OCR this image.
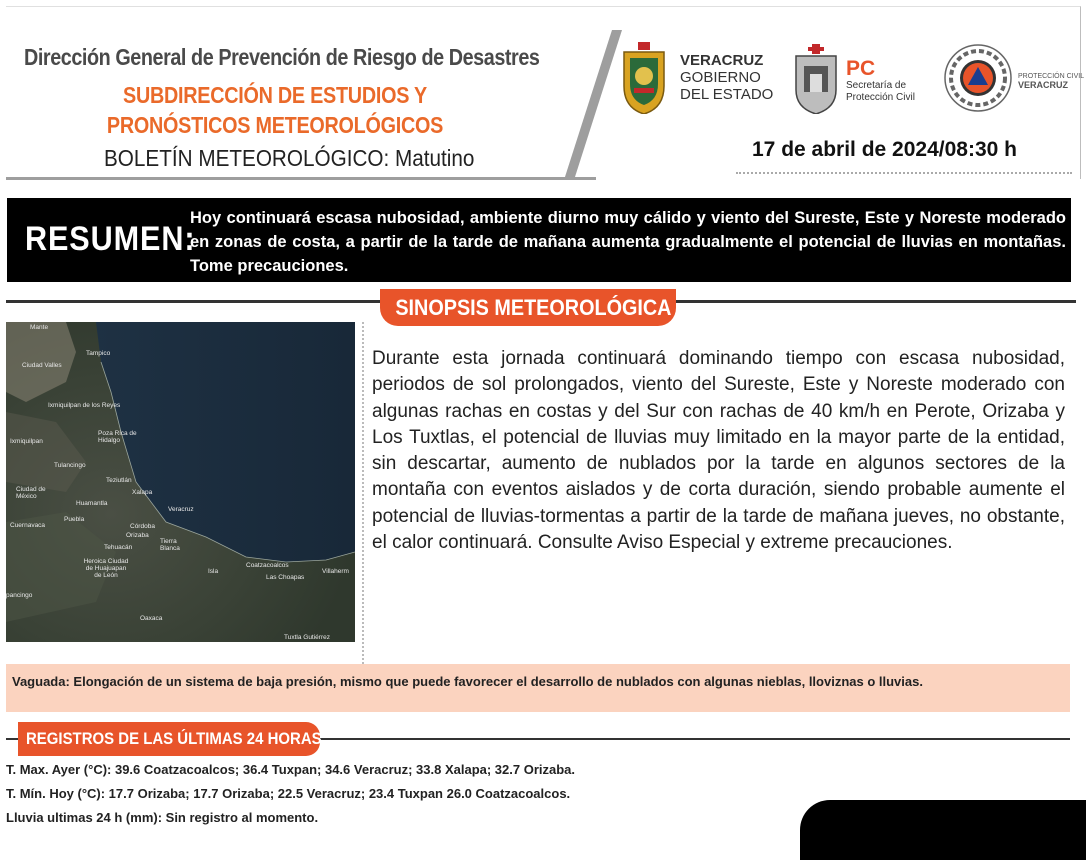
Dirección General de Prevención de Riesgo de Desastres
SUBDIRECCIÓN DE ESTUDIOS Y PRONÓSTICOS METEOROLÓGICOS
BOLETÍN METEOROLÓGICO: Matutino
VERACRUZ
GOBIERNO
DEL ESTADO
PC
Secretaría de
Protección Civil
PROTECCIÓN CIVIL
VERACRUZ
17 de abril de 2024/08:30 h
RESUMEN:
Hoy continuará escasa nubosidad, ambiente diurno muy cálido y viento del Sureste, Este y Noreste moderado en zonas de costa, a partir de la tarde de mañana aumenta gradualmente el potencial de lluvias en montañas. Tome precauciones.
SINOPSIS METEOROLÓGICA
Mante
Tampico
Ciudad Valles
Ixmiquilpan de los Reyes
Poza Rica de Hidalgo
Ixmiquilpan
Tulancingo
Teziutlán
Xalapa
Ciudad de México
Huamantla
Veracruz
Puebla
Cuernavaca	Córdoba
Orizaba
Tierra Blanca
Tehuacán
Heroica Ciudad de Huajuapan de León
Coatzacoalcos
Isla
Las Choapas
Villaherm
pancingo
Oaxaca
Tuxtla Gutiérrez
Durante esta jornada continuará dominando tiempo con escasa nubosidad, periodos de sol prolongados, viento del Sureste, Este y Noreste moderado con algunas rachas en costas y del Sur con rachas de 40 km/h en Perote, Orizaba y Los Tuxtlas, el potencial de lluvias muy limitado en la mayor parte de la entidad, sin descartar, aumento de nublados por la tarde en algunos sectores de la montaña con eventos aislados y de corta duración, siendo probable aumente el potencial de lluvias-tormentas a partir de la tarde de mañana jueves, no obstante, el calor continuará. Consulte Aviso Especial y extreme precauciones.
Vaguada: Elongación de un sistema de baja presión, mismo que puede favorecer el desarrollo de nublados con algunas nieblas, lloviznas o lluvias.
REGISTROS DE LAS ÚLTIMAS 24 HORAS
T. Max. Ayer (°C): 39.6 Coatzacoalcos; 36.4 Tuxpan; 34.6 Veracruz; 33.8 Xalapa; 32.7 Orizaba.
T. Mín. Hoy (°C): 17.7 Orizaba; 17.7 Orizaba; 22.5 Veracruz; 23.4 Tuxpan 26.0 Coatzacoalcos.
Lluvia ultimas 24 h (mm): Sin registro al momento.
